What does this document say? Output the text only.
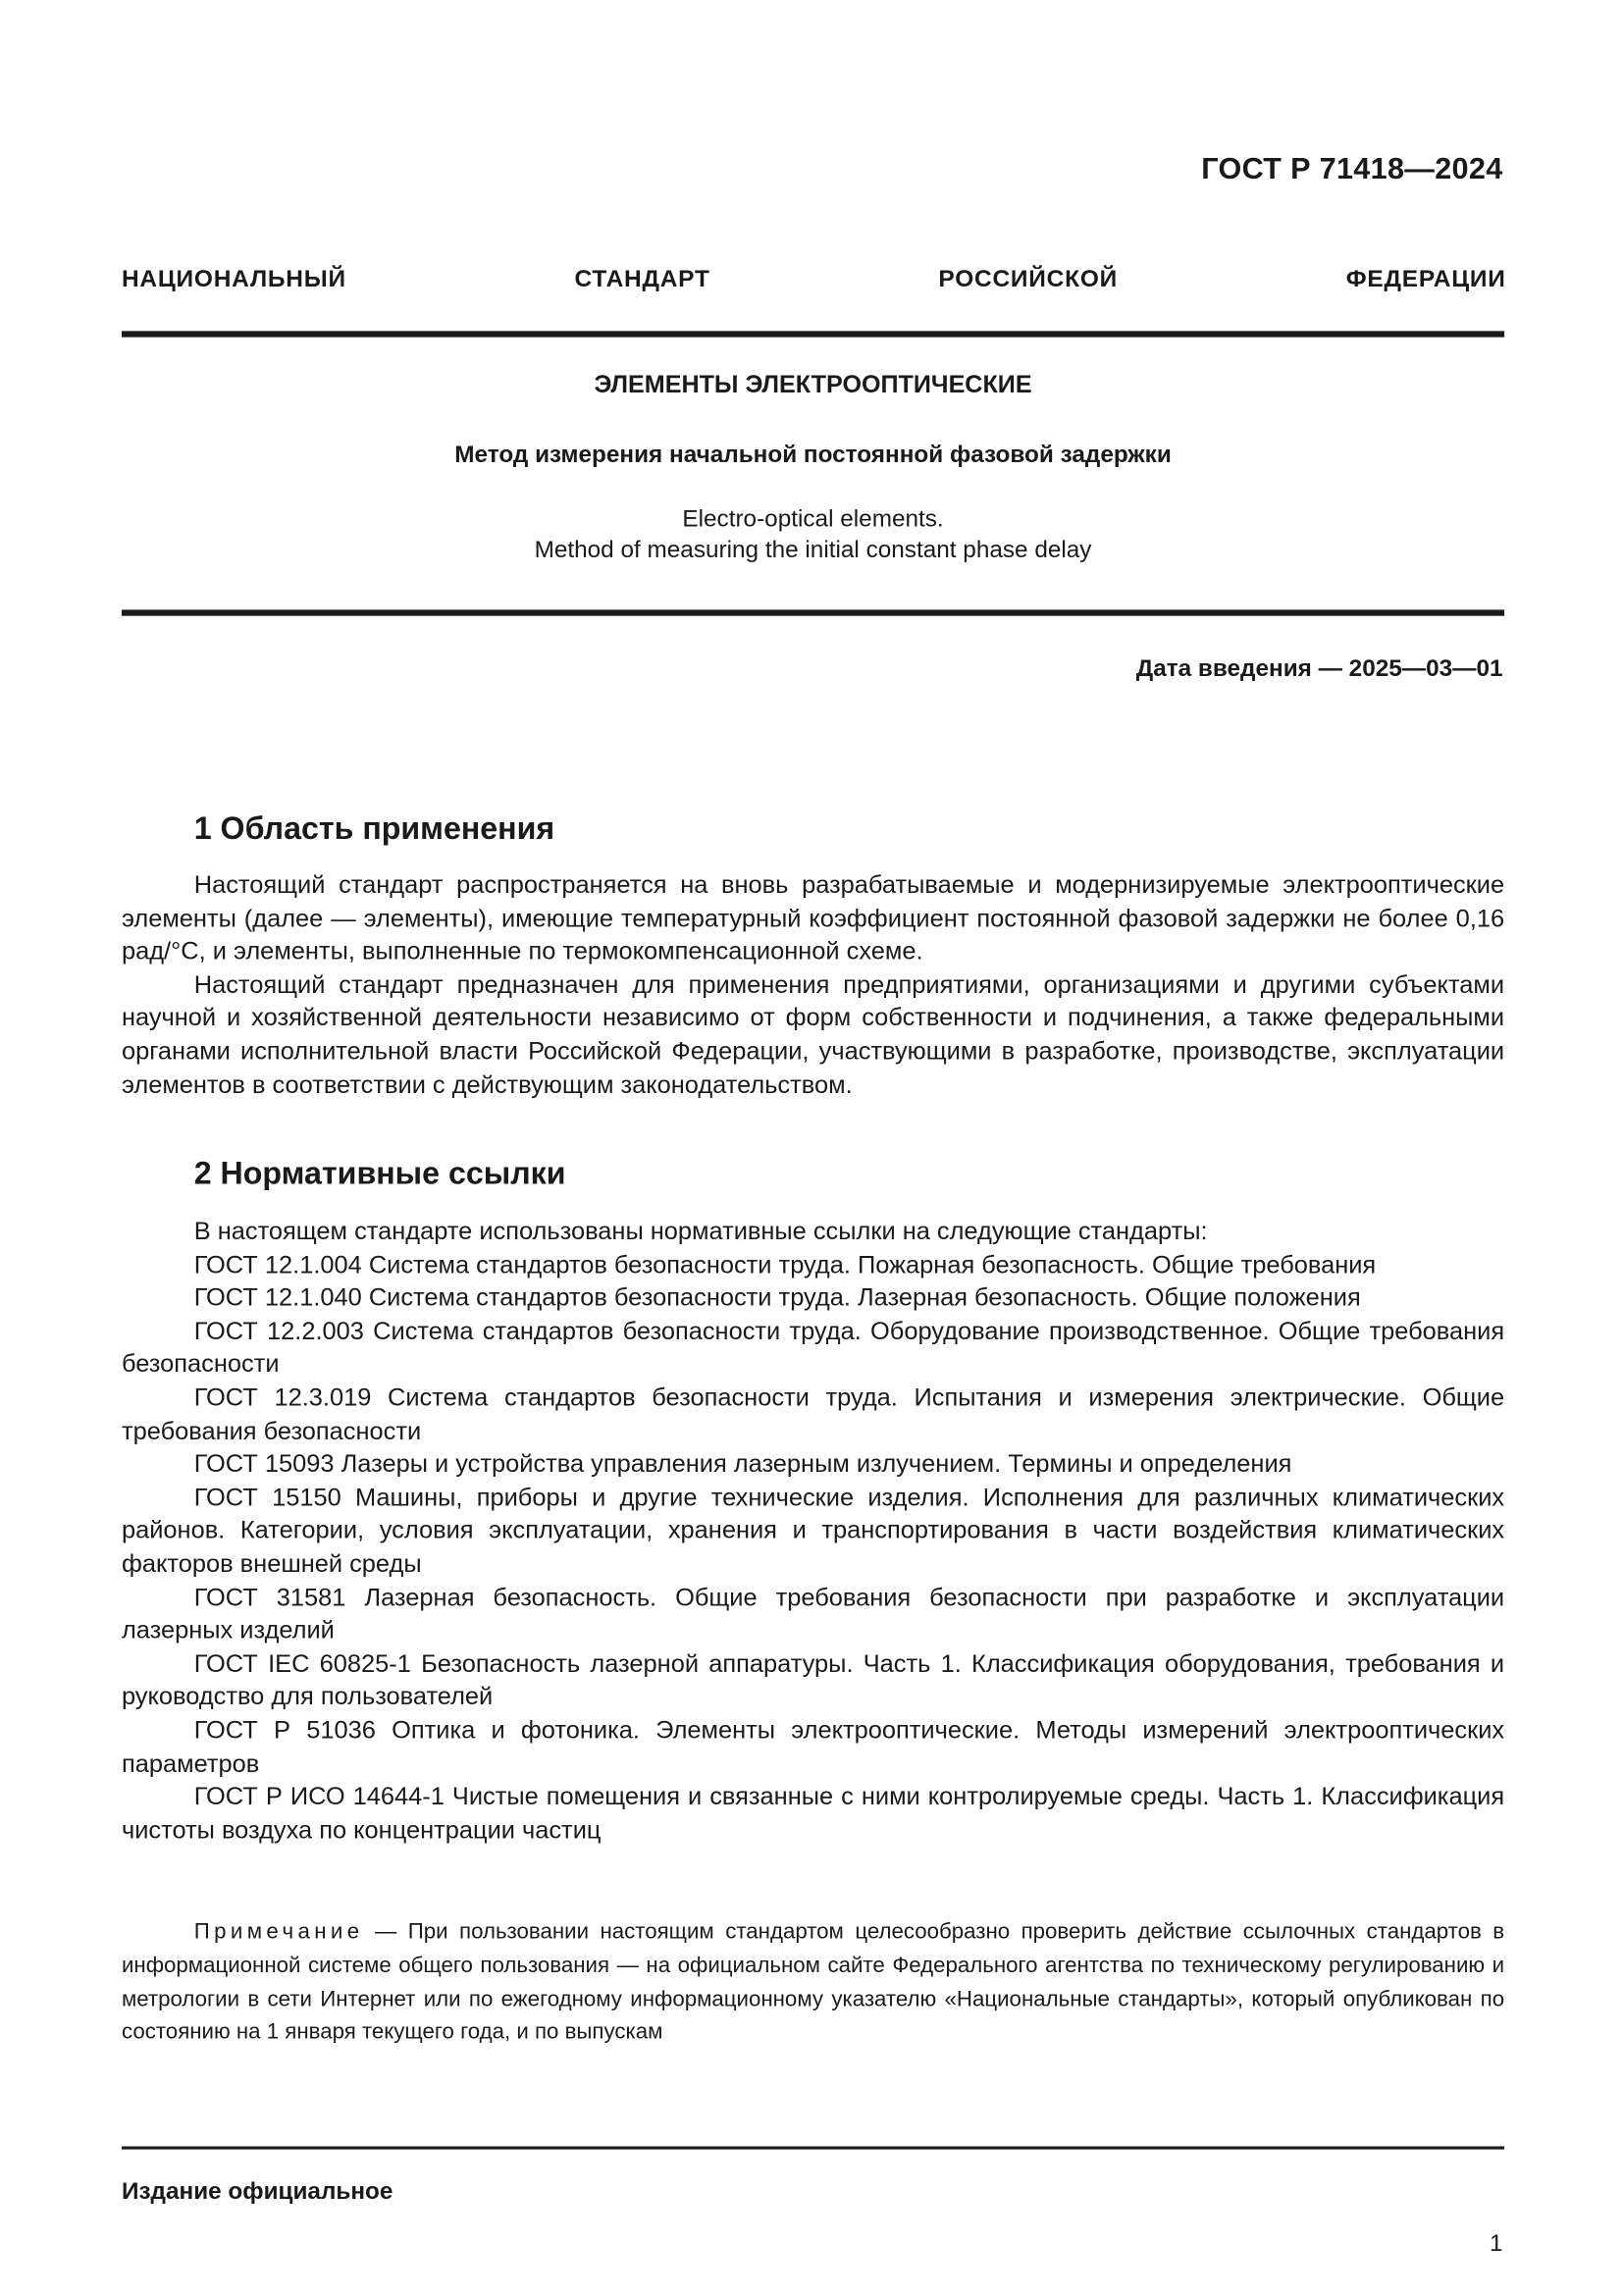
ГОСТ Р 71418—2024
НАЦИОНАЛЬНЫЙ СТАНДАРТ РОССИЙСКОЙ ФЕДЕРАЦИИ
ЭЛЕМЕНТЫ ЭЛЕКТРООПТИЧЕСКИЕ
Метод измерения начальной постоянной фазовой задержки
Electro-optical elements.
Method of measuring the initial constant phase delay
Дата введения — 2025—03—01
1 Область применения

Настоящий стандарт распространяется на вновь разрабатываемые и модернизируемые электрооптические элементы (далее — элементы), имеющие температурный коэффициент постоянной фазовой задержки не более 0,16 рад/°С, и элементы, выполненные по термокомпенсационной схеме.

Настоящий стандарт предназначен для применения предприятиями, организациями и другими субъектами научной и хозяйственной деятельности независимо от форм собственности и подчинения, а также федеральными органами исполнительной власти Российской Федерации, участвующими в разработке, производстве, эксплуатации элементов в соответствии с действующим законодательством.

2 Нормативные ссылки

В настоящем стандарте использованы нормативные ссылки на следующие стандарты:

ГОСТ 12.1.004 Система стандартов безопасности труда. Пожарная безопасность. Общие требования

ГОСТ 12.1.040 Система стандартов безопасности труда. Лазерная безопасность. Общие положения

ГОСТ 12.2.003 Система стандартов безопасности труда. Оборудование производственное. Общие требования безопасности

ГОСТ 12.3.019 Система стандартов безопасности труда. Испытания и измерения электрические. Общие требования безопасности

ГОСТ 15093 Лазеры и устройства управления лазерным излучением. Термины и определения

ГОСТ 15150 Машины, приборы и другие технические изделия. Исполнения для различных климатических районов. Категории, условия эксплуатации, хранения и транспортирования в части воздействия климатических факторов внешней среды

ГОСТ 31581 Лазерная безопасность. Общие требования безопасности при разработке и эксплуатации лазерных изделий

ГОСТ IEC 60825-1 Безопасность лазерной аппаратуры. Часть 1. Классификация оборудования, требования и руководство для пользователей

ГОСТ Р 51036 Оптика и фотоника. Элементы электрооптические. Методы измерений электрооптических параметров

ГОСТ Р ИСО 14644-1 Чистые помещения и связанные с ними контролируемые среды. Часть 1. Классификация чистоты воздуха по концентрации частиц

Примечание — При пользовании настоящим стандартом целесообразно проверить действие ссылочных стандартов в информационной системе общего пользования — на официальном сайте Федерального агентства по техническому регулированию и метрологии в сети Интернет или по ежегодному информационному указателю «Национальные стандарты», который опубликован по состоянию на 1 января текущего года, и по выпускам

Издание официальное
1
